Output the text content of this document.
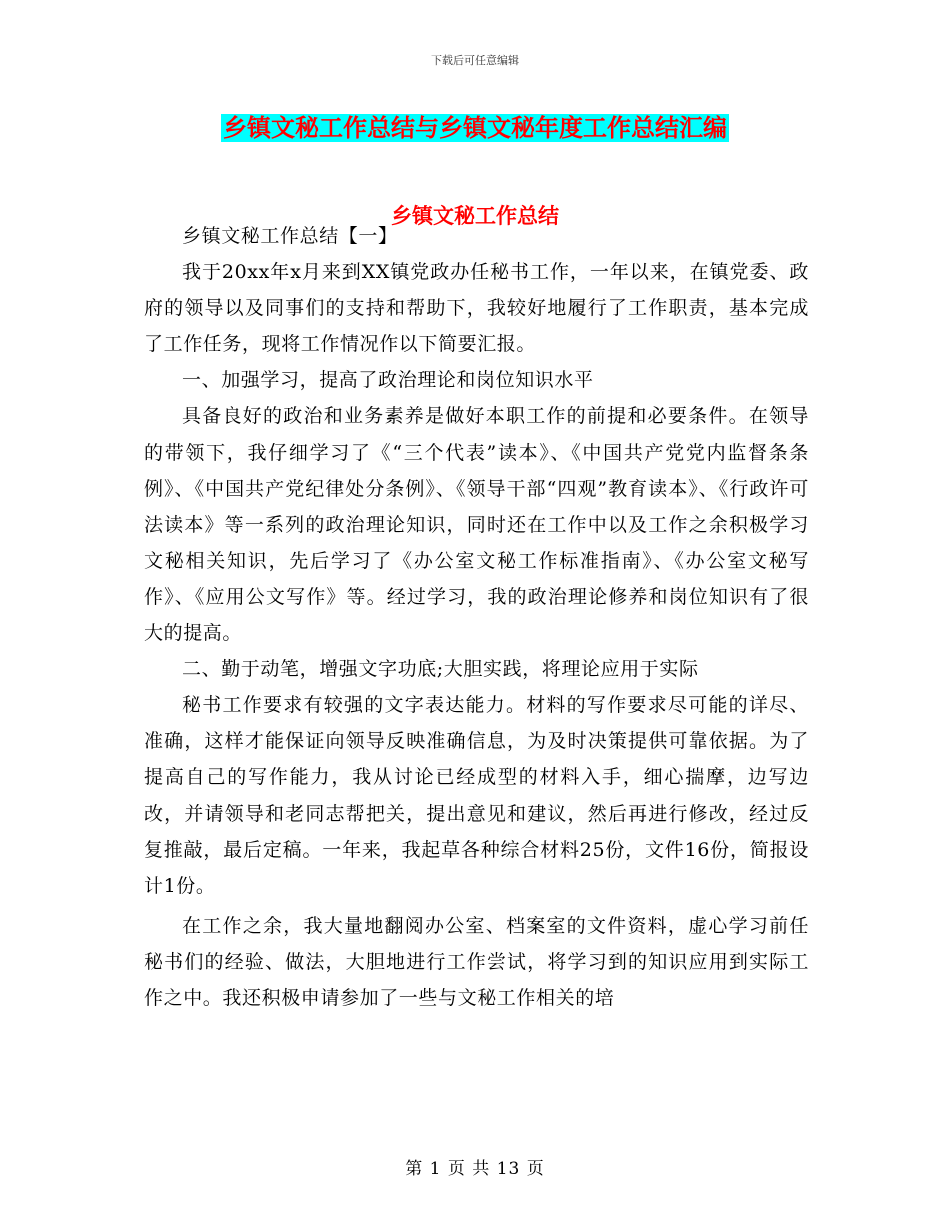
下载后可任意编辑
乡镇文秘工作总结与乡镇文秘年度工作总结汇编
乡镇文秘工作总结

乡镇文秘工作总结【一】

我于20xx年x月来到XX镇党政办任秘书工作，一年以来，在镇党委、政府的领导以及同事们的支持和帮助下，我较好地履行了工作职责，基本完成了工作任务，现将工作情况作以下简要汇报。

一、加强学习，提高了政治理论和岗位知识水平

具备良好的政治和业务素养是做好本职工作的前提和必要条件。在领导的带领下，我仔细学习了《“三个代表”读本》、《中国共产党党内监督条条例》、《中国共产党纪律处分条例》、《领导干部“四观”教育读本》、《行政许可法读本》等一系列的政治理论知识，同时还在工作中以及工作之余积极学习文秘相关知识，先后学习了《办公室文秘工作标准指南》、《办公室文秘写作》、《应用公文写作》等。经过学习，我的政治理论修养和岗位知识有了很大的提高。

二、勤于动笔，增强文字功底;大胆实践，将理论应用于实际

秘书工作要求有较强的文字表达能力。材料的写作要求尽可能的详尽、准确，这样才能保证向领导反映准确信息，为及时决策提供可靠依据。为了提高自己的写作能力，我从讨论已经成型的材料入手，细心揣摩，边写边改，并请领导和老同志帮把关，提出意见和建议，然后再进行修改，经过反复推敲，最后定稿。一年来，我起草各种综合材料25份，文件16份，简报设计1份。

在工作之余，我大量地翻阅办公室、档案室的文件资料，虚心学习前任秘书们的经验、做法，大胆地进行工作尝试，将学习到的知识应用到实际工作之中。我还积极申请参加了一些与文秘工作相关的培

第 1 页 共 13 页
